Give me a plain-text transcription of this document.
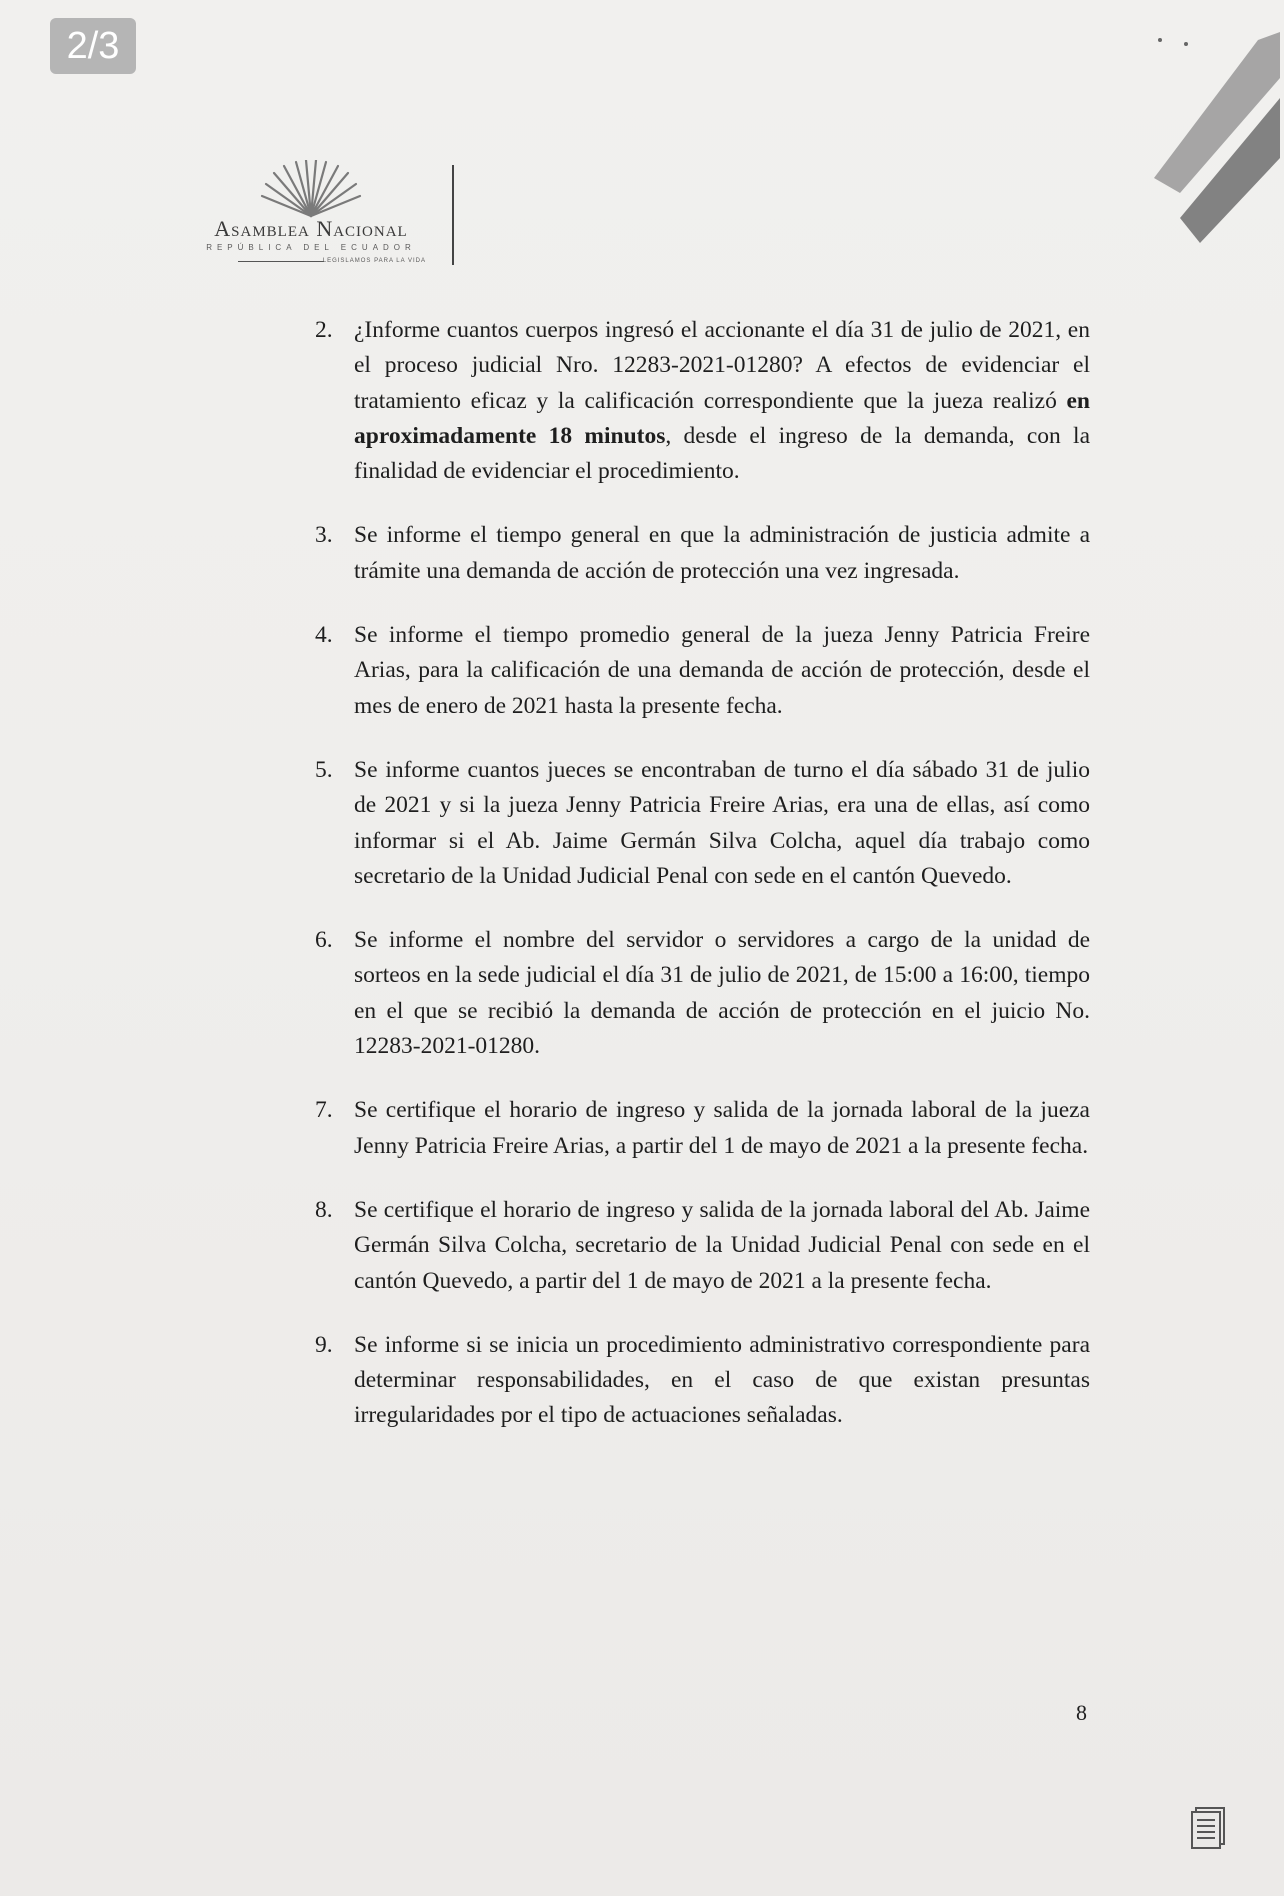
2/3
Asamblea Nacional
REPÚBLICA DEL ECUADOR
LEGISLAMOS PARA LA VIDA
2. ¿Informe cuantos cuerpos ingresó el accionante el día 31 de julio de 2021, en el proceso judicial Nro. 12283-2021-01280? A efectos de evidenciar el tratamiento eficaz y la calificación correspondiente que la jueza realizó en aproximadamente 18 minutos, desde el ingreso de la demanda, con la finalidad de evidenciar el procedimiento.
3. Se informe el tiempo general en que la administración de justicia admite a trámite una demanda de acción de protección una vez ingresada.
4. Se informe el tiempo promedio general de la jueza Jenny Patricia Freire Arias, para la calificación de una demanda de acción de protección, desde el mes de enero de 2021 hasta la presente fecha.
5. Se informe cuantos jueces se encontraban de turno el día sábado 31 de julio de 2021 y si la jueza Jenny Patricia Freire Arias, era una de ellas, así como informar si el Ab. Jaime Germán Silva Colcha, aquel día trabajo como secretario de la Unidad Judicial Penal con sede en el cantón Quevedo.
6. Se informe el nombre del servidor o servidores a cargo de la unidad de sorteos en la sede judicial el día 31 de julio de 2021, de 15:00 a 16:00, tiempo en el que se recibió la demanda de acción de protección en el juicio No. 12283-2021-01280.
7. Se certifique el horario de ingreso y salida de la jornada laboral de la jueza Jenny Patricia Freire Arias, a partir del 1 de mayo de 2021 a la presente fecha.
8. Se certifique el horario de ingreso y salida de la jornada laboral del Ab. Jaime Germán Silva Colcha, secretario de la Unidad Judicial Penal con sede en el cantón Quevedo, a partir del 1 de mayo de 2021 a la presente fecha.
9. Se informe si se inicia un procedimiento administrativo correspondiente para determinar responsabilidades, en el caso de que existan presuntas irregularidades por el tipo de actuaciones señaladas.
8
